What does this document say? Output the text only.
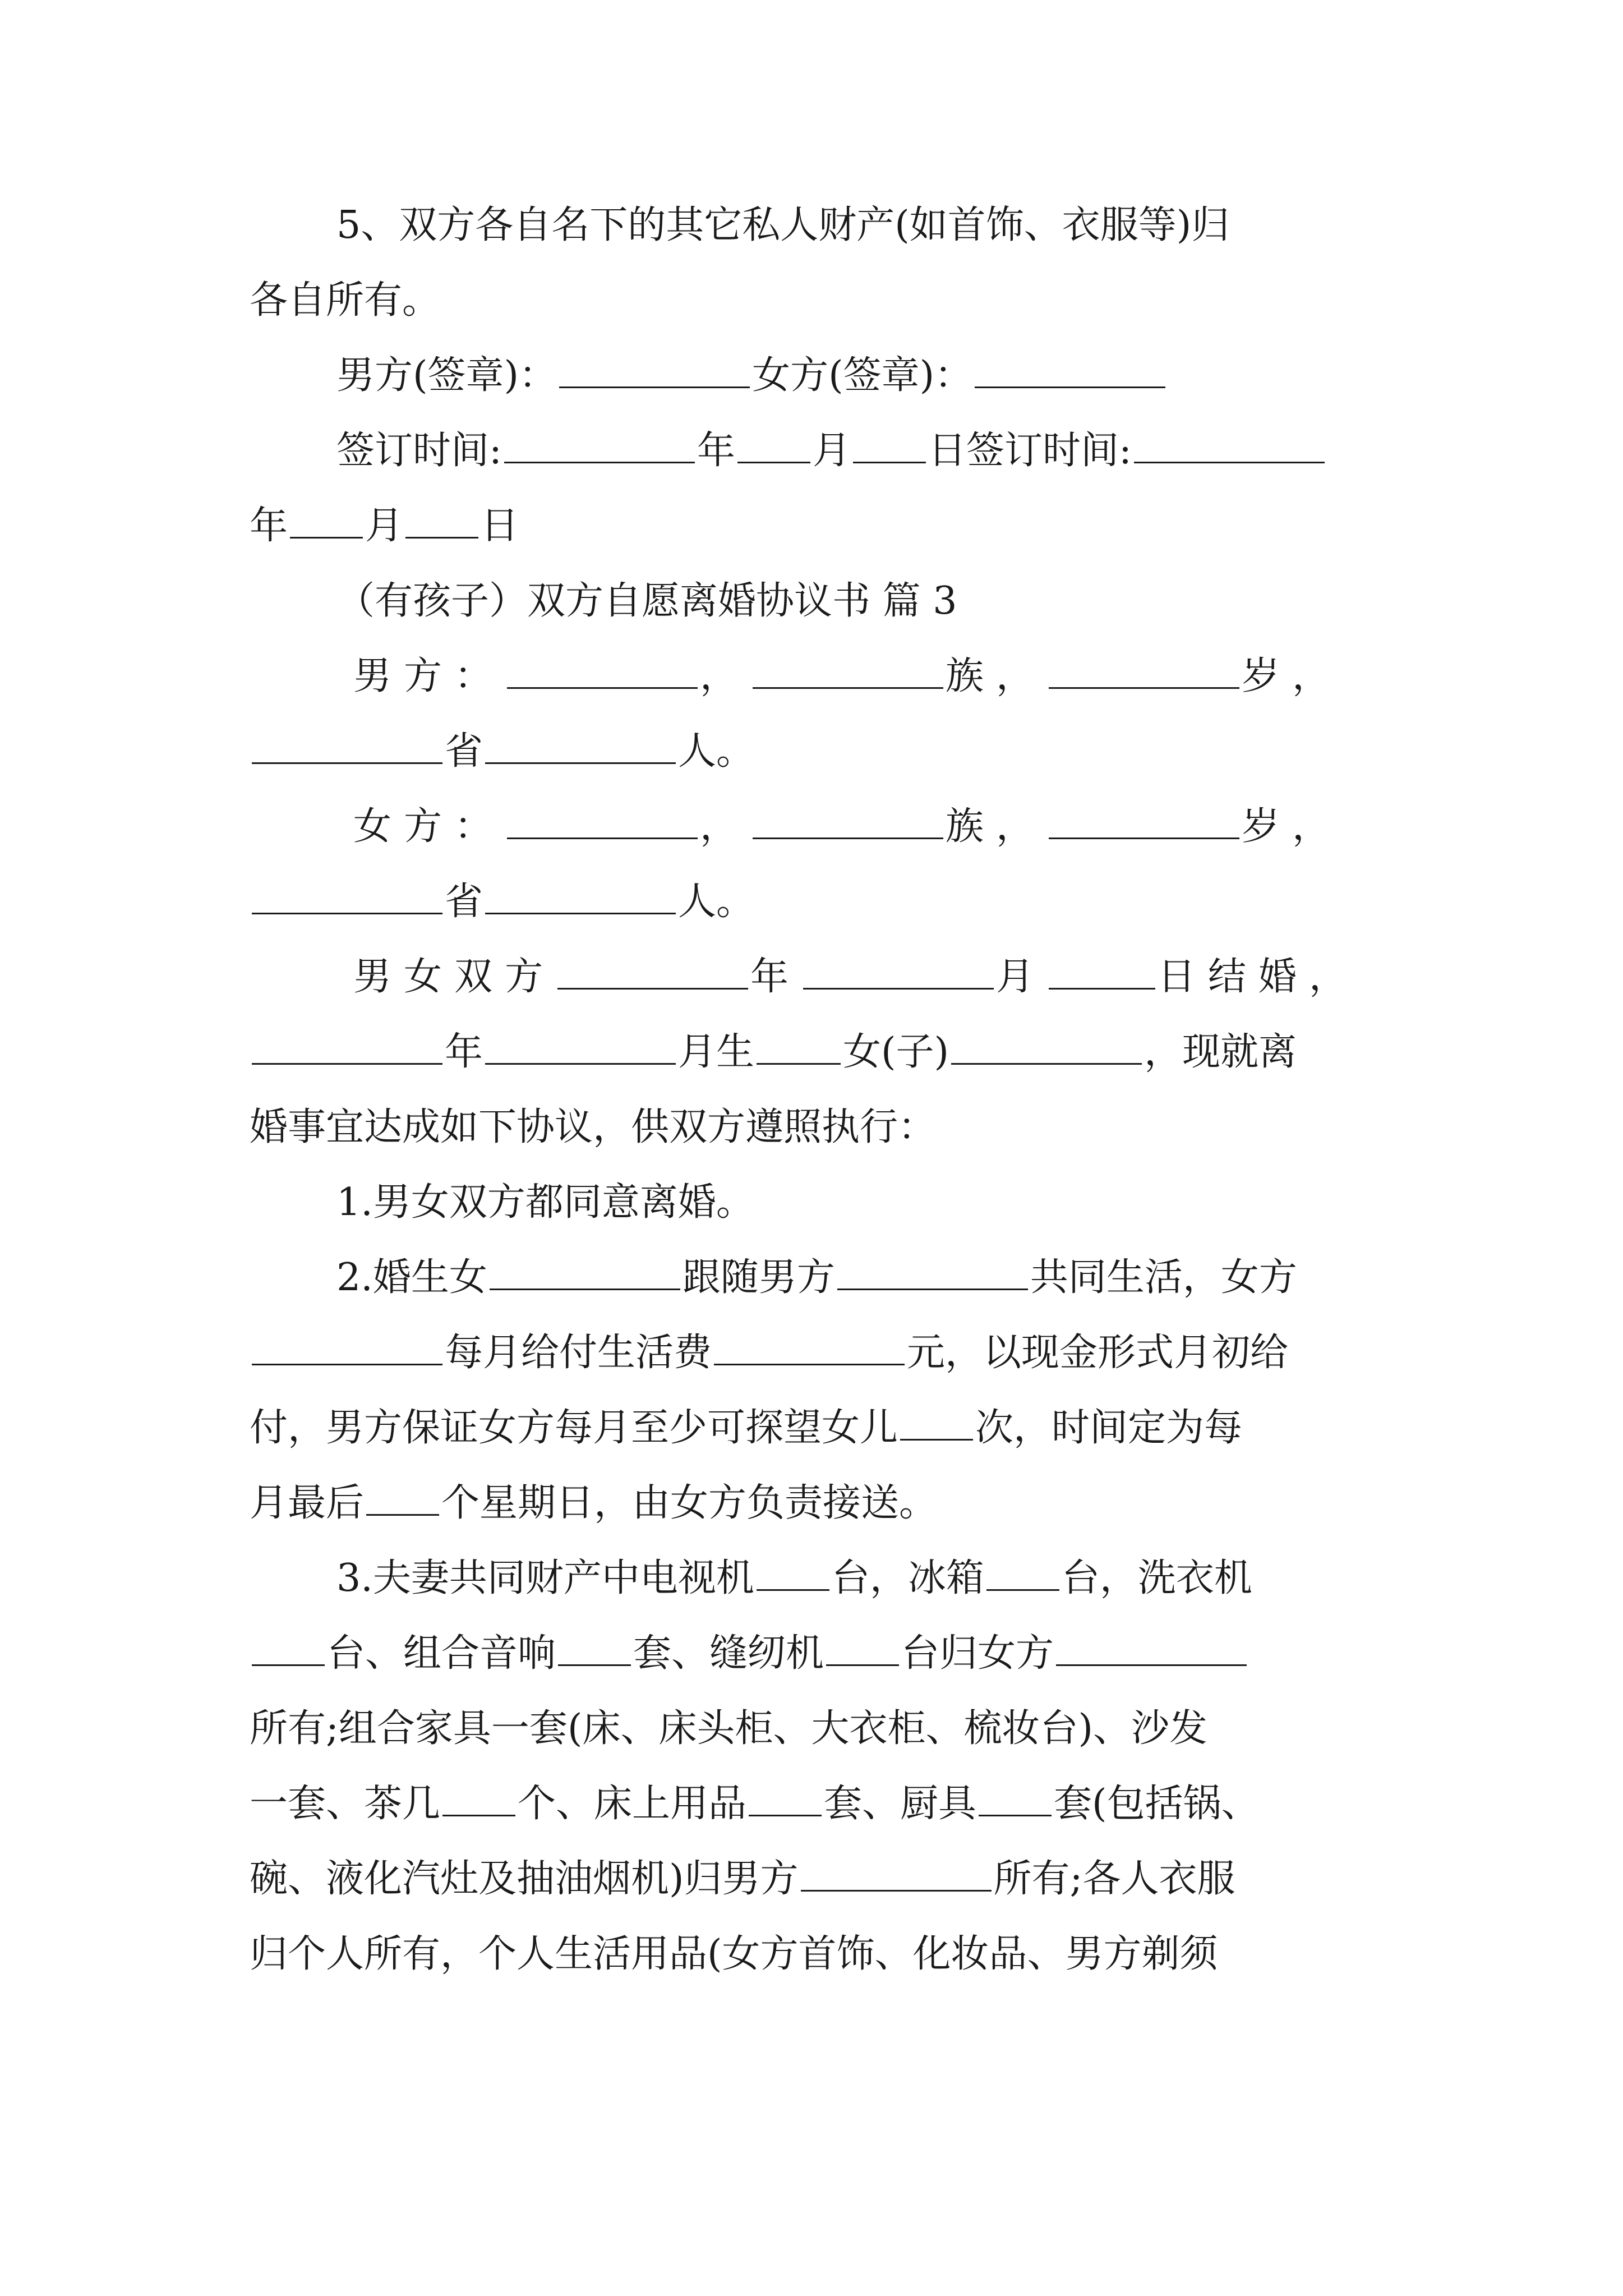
5、双方各自名下的其它私人财产(如首饰、衣服等)归
各自所有。
男方(签章)：	女方(签章)：
签订时间:	年 月 日签订时间:
年 月 日
（有孩子）双方自愿离婚协议书 篇 3
男方：	，	族，	岁，
省	人。
女方：	，	族，	岁，
省	人。
男女双方	年	月	日结婚，
年	月生 女(子)	，现就离
婚事宜达成如下协议，供双方遵照执行：
1.男女双方都同意离婚。
2.婚生女	跟随男方	共同生活，女方
每月给付生活费	元，以现金形式月初给
付，男方保证女方每月至少可探望女儿 次，时间定为每
月最后 个星期日，由女方负责接送。
3.夫妻共同财产中电视机 台，冰箱 台，洗衣机
台、组合音响 套、缝纫机 台归女方
所有;组合家具一套(床、床头柜、大衣柜、梳妆台)、沙发
一套、茶几 个、床上用品 套、厨具 套(包括锅、
碗、液化汽灶及抽油烟机)归男方	所有;各人衣服
归个人所有，个人生活用品(女方首饰、化妆品、男方剃须
